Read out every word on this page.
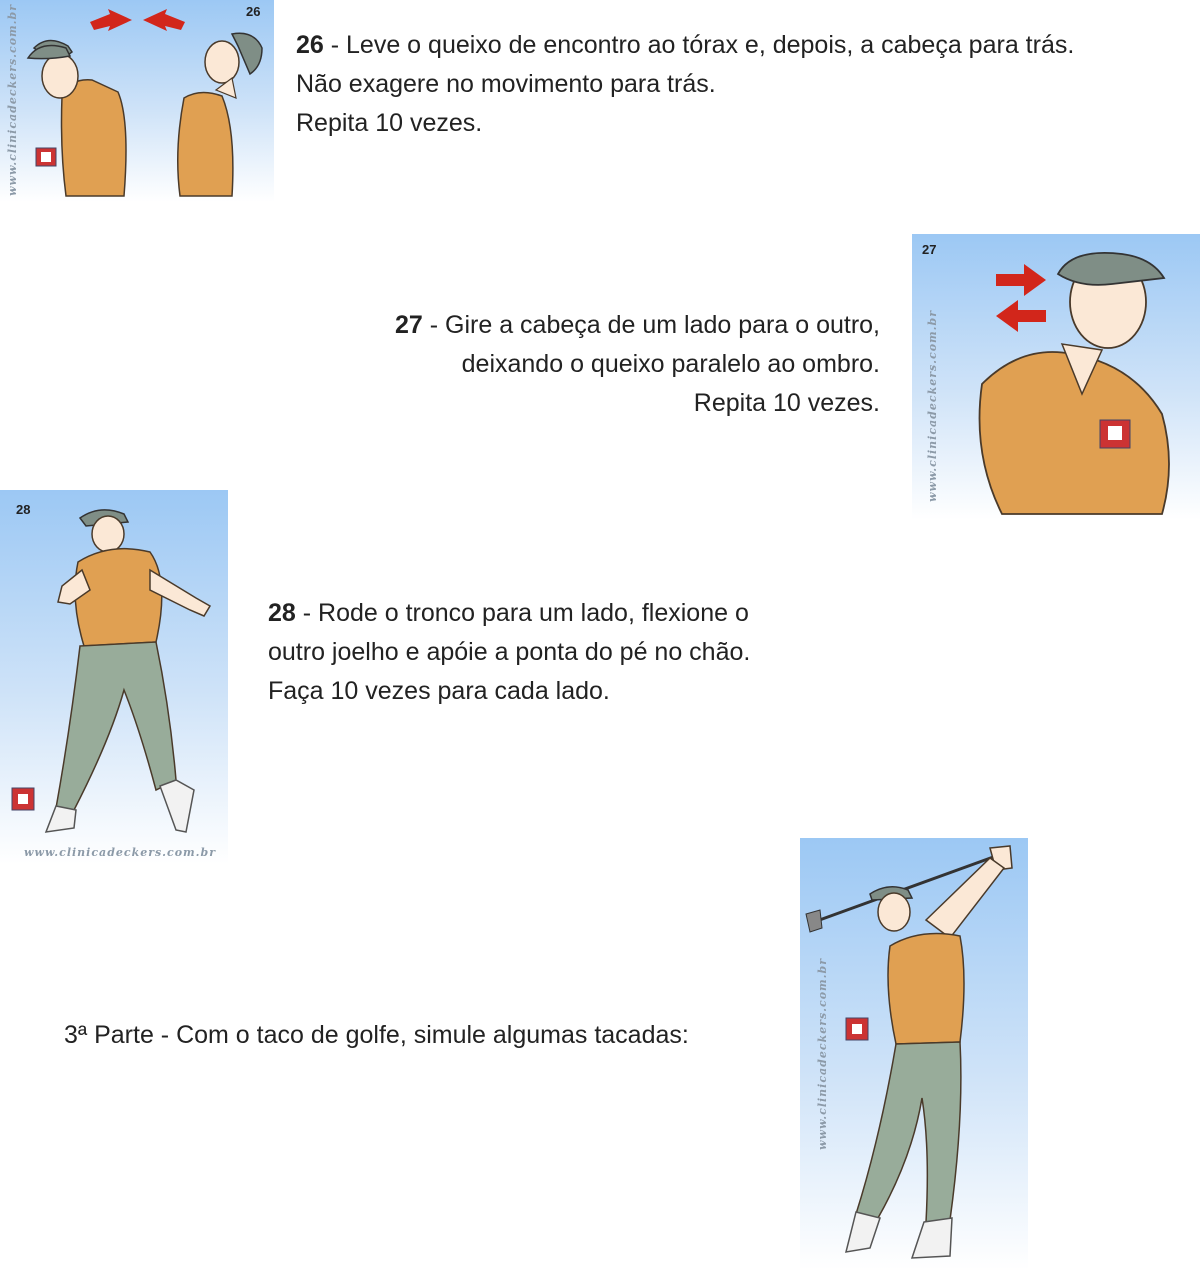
26
www.clinicadeckers.com.br	26 - Leve o queixo de encontro ao tórax e, depois, a cabeça para trás.
Não exagere no movimento para trás.
Repita 10 vezes.
27
www.clinicadeckers.com.br
27 - Gire a cabeça de um lado para o outro,
deixando o queixo paralelo ao ombro.
Repita 10 vezes.
28
www.clinicadeckers.com.br
28 - Rode o tronco para um lado, flexione o
outro joelho e apóie a ponta do pé no chão.
Faça 10 vezes para cada lado.
www.clinicadeckers.com.br
3ª Parte - Com o taco de golfe, simule algumas tacadas:
